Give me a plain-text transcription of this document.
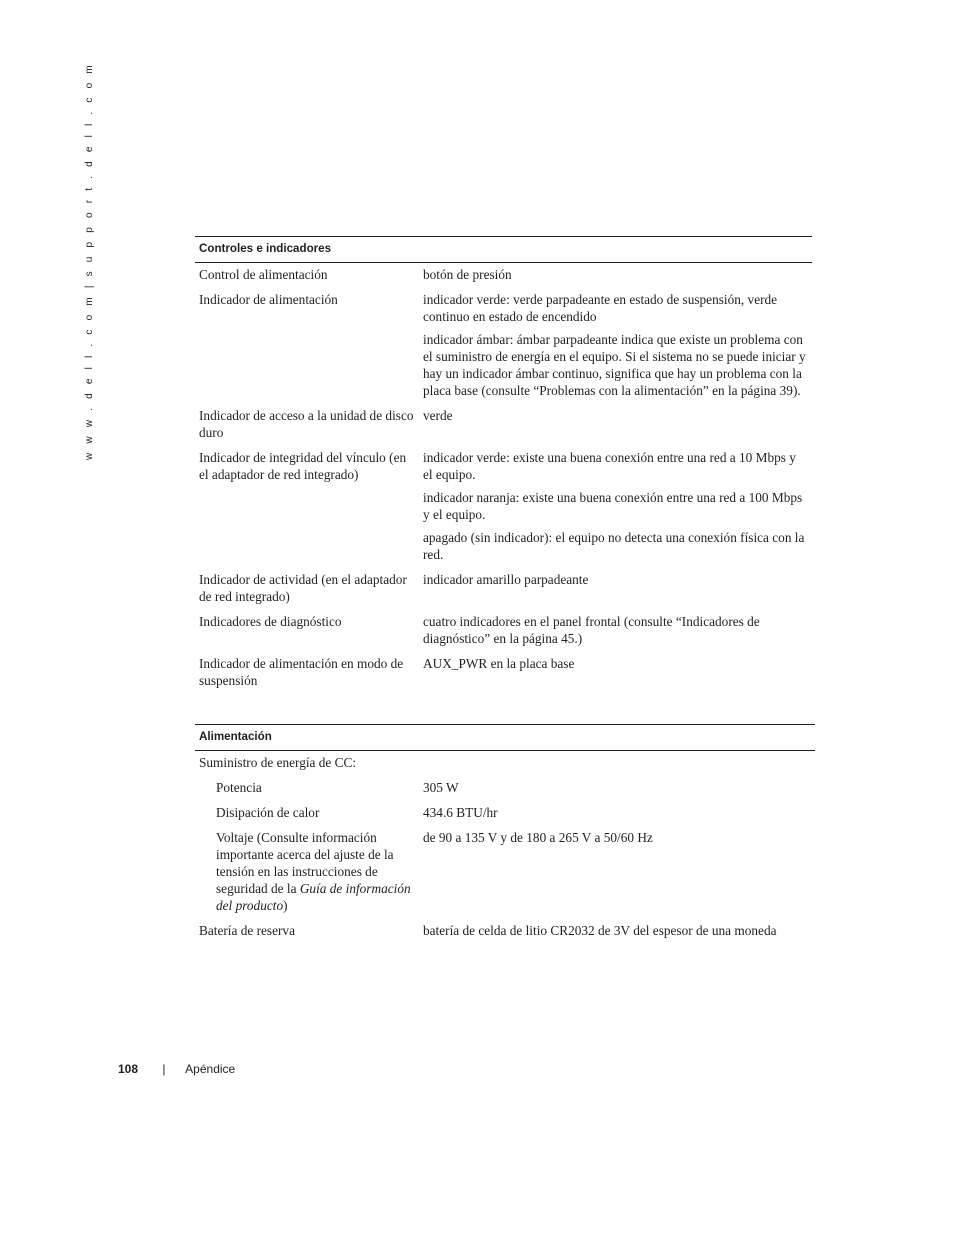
w w w . d e l l . c o m | s u p p o r t . d e l l . c o m	Controles e indicadores	
Control de alimentación	botón de presión

Indicador de alimentación	indicador verde: verde parpadeante en estado de suspensión, verde continuo en estado de encendido

indicador ámbar: ámbar parpadeante indica que existe un problema con el suministro de energía en el equipo. Si el sistema no se puede iniciar y hay un indicador ámbar continuo, significa que hay un problema con la placa base (consulte “Problemas con la alimentación” en la página 39).

Indicador de acceso a la unidad de disco duro	verde

Indicador de integridad del vínculo (en el adaptador de red integrado)	indicador verde: existe una buena conexión entre una red a 10 Mbps y el equipo.

indicador naranja: existe una buena conexión entre una red a 100 Mbps y el equipo.

apagado (sin indicador): el equipo no detecta una conexión física con la red.

Indicador de actividad (en el adaptador de red integrado)	indicador amarillo parpadeante

Indicadores de diagnóstico	cuatro indicadores en el panel frontal (consulte “Indicadores de diagnóstico” en la página 45.)

Indicador de alimentación en modo de suspensión	AUX_PWR en la placa base

Alimentación	
Suministro de energía de CC:	
Potencia	305 W
Disipación de calor	434.6 BTU/hr
Voltaje (Consulte información importante acerca del ajuste de la tensión en las instrucciones de seguridad de la Guía de información del producto)	de 90 a 135 V y de 180 a 265 V a 50/60 Hz
Batería de reserva	batería de celda de litio CR2032 de 3V del espesor de una moneda
108 | Apéndice
